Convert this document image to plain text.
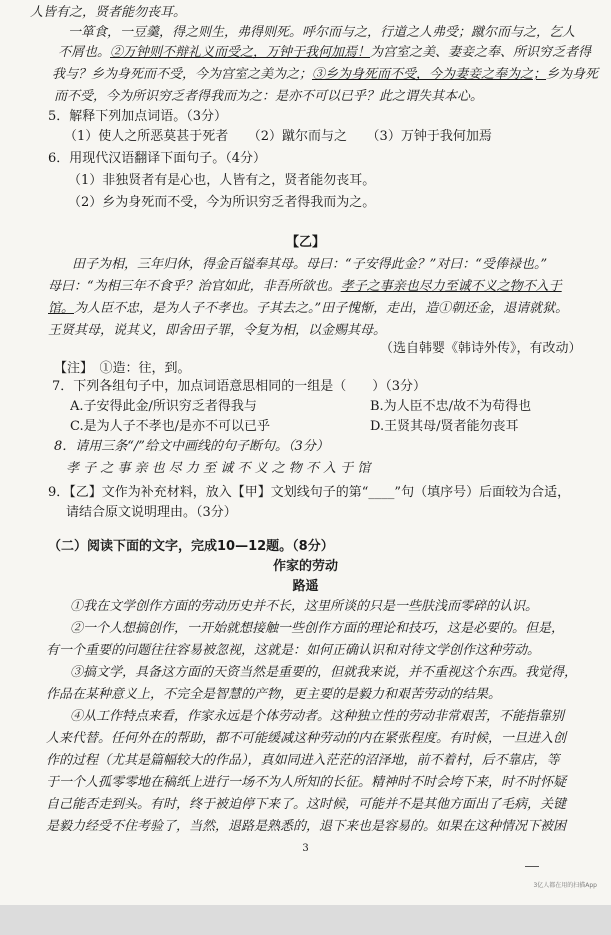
人皆有之，贤者能勿丧耳。
一箪食，一豆羹，得之则生，弗得则死。呼尔而与之，行道之人弗受；蹴尔而与之，乞人
不屑也。②万钟则不辩礼义而受之，万钟于我何加焉！为宫室之美、妻妾之奉、所识穷乏者得
我与？乡为身死而不受，今为宫室之美为之；③乡为身死而不受，今为妻妾之奉为之；乡为身死
而不受，今为所识穷乏者得我而为之：是亦不可以已乎？此之谓失其本心。
5．解释下列加点词语。（3分）
（1）使人之所恶莫甚于死者　　（2）蹴尔而与之　　（3）万钟于我何加焉
6．用现代汉语翻译下面句子。（4分）
（1）非独贤者有是心也，人皆有之，贤者能勿丧耳。
（2）乡为身死而不受，今为所识穷乏者得我而为之。
【乙】
田子为相，三年归休，得金百镒奉其母。母曰：“子安得此金？”对曰：“受俸禄也。”
母曰：“为相三年不食乎？治官如此，非吾所欲也。孝子之事亲也尽力至诚不义之物不入于
馆。为人臣不忠，是为人子不孝也。子其去之。”田子愧惭，走出，造①朝还金，退请就狱。
王贤其母，说其义，即舍田子罪，令复为相，以金赐其母。
（选自韩婴《韩诗外传》，有改动）
【注】　①造：往，到。
7．下列各组句子中，加点词语意思相同的一组是（　　）（3分）
A.子安得此金/所识穷乏者得我与	B.为人臣不忠/故不为苟得也
C.是为人子不孝也/是亦不可以已乎	D.王贤其母/贤者能勿丧耳
8．请用三条“/”给文中画线的句子断句。（3分）
孝 子 之 事 亲 也 尽 力 至 诚 不 义 之 物 不 入 于 馆
9．【乙】文作为补充材料，放入【甲】文划线句子的第“____”句（填序号）后面较为合适，
请结合原文说明理由。（3分）
（二）阅读下面的文字，完成10—12题。（8分）
作家的劳动
路遥
①我在文学创作方面的劳动历史并不长，这里所谈的只是一些肤浅而零碎的认识。
②一个人想搞创作，一开始就想接触一些创作方面的理论和技巧，这是必要的。但是，
有一个重要的问题往往容易被忽视，这就是：如何正确认识和对待文学创作这种劳动。
③搞文学，具备这方面的天资当然是重要的，但就我来说，并不重视这个东西。我觉得，
作品在某种意义上，不完全是智慧的产物，更主要的是毅力和艰苦劳动的结果。
④从工作特点来看，作家永远是个体劳动者。这种独立性的劳动非常艰苦，不能指靠别
人来代替。任何外在的帮助，都不可能缓减这种劳动的内在紧张程度。有时候，一旦进入创
作的过程（尤其是篇幅较大的作品），真如同进入茫茫的沼泽地，前不着村，后不靠店，等
于一个人孤零零地在稿纸上进行一场不为人所知的长征。精神时不时会垮下来，时不时怀疑
自己能否走到头。有时，终于被迫停下来了。这时候，可能并不是其他方面出了毛病，关键
是毅力经受不住考验了，当然，退路是熟悉的，退下来也是容易的。如果在这种情况下被困
3
3亿人都在用的扫描App
